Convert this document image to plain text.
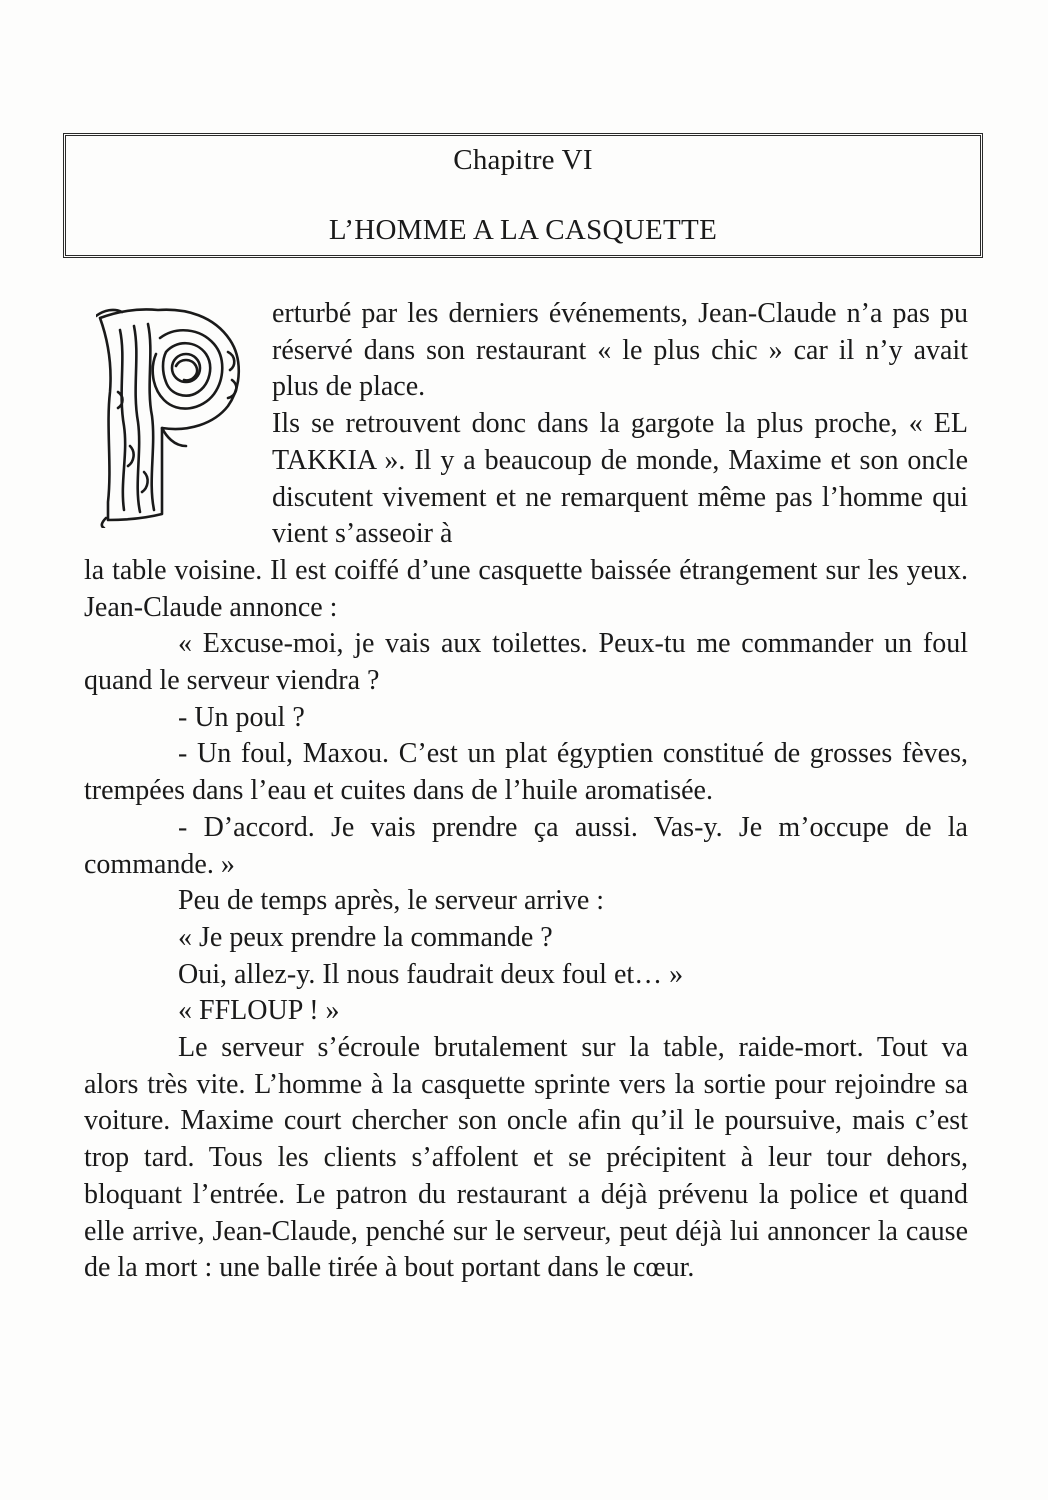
Chapitre VI
L’HOMME A LA CASQUETTE

erturbé par les derniers événements, Jean-Claude n’a pas pu réservé dans son restaurant « le plus chic » car il n’y avait plus de place.

Ils se retrouvent donc dans la gargote la plus proche, « EL TAKKIA ». Il y a beaucoup de monde, Maxime et son oncle discutent vivement et ne remarquent même pas l’homme qui vient s’asseoir à

la table voisine. Il est coiffé d’une casquette baissée étrangement sur les yeux. Jean-Claude annonce :

« Excuse-moi, je vais aux toilettes. Peux-tu me commander un foul quand le serveur viendra ?

- Un poul ?

- Un foul, Maxou. C’est un plat égyptien constitué de grosses fèves, trempées dans l’eau et cuites dans de l’huile aromatisée.

- D’accord. Je vais prendre ça aussi. Vas-y. Je m’occupe de la commande. »

Peu de temps après, le serveur arrive :

« Je peux prendre la commande ?

Oui, allez-y. Il nous faudrait deux foul et… »

« FFLOUP ! »

Le serveur s’écroule brutalement sur la table, raide-mort. Tout va alors très vite. L’homme à la casquette sprinte vers la sortie pour rejoindre sa voiture. Maxime court chercher son oncle afin qu’il le poursuive, mais c’est trop tard. Tous les clients s’affolent et se précipitent à leur tour dehors, bloquant l’entrée. Le patron du restaurant a déjà prévenu la police et quand elle arrive, Jean-Claude, penché sur le serveur, peut déjà lui annoncer la cause de la mort : une balle tirée à bout portant dans le cœur.
